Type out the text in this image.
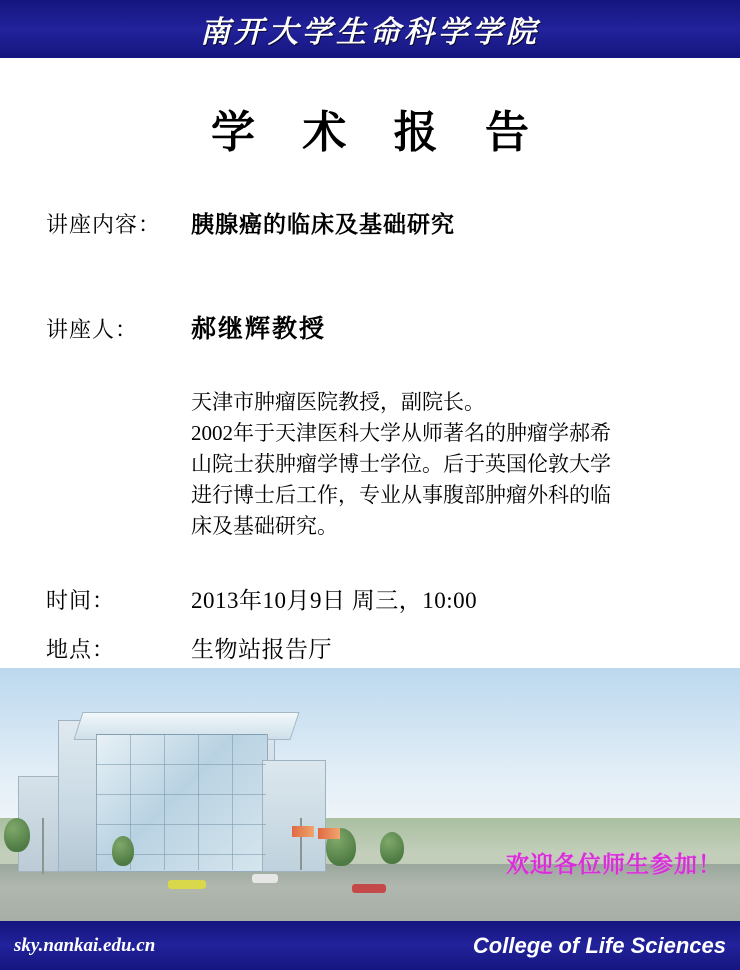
南开大学生命科学学院
学 术 报 告
讲座内容：	胰腺癌的临床及基础研究
讲座人：	郝继辉教授
天津市肿瘤医院教授，副院长。
2002年于天津医科大学从师著名的肿瘤学郝希
山院士获肿瘤学博士学位。后于英国伦敦大学
进行博士后工作，专业从事腹部肿瘤外科的临
床及基础研究。
时间：	2013年10月9日 周三，10:00
地点：	生物站报告厅
欢迎各位师生参加！
sky.nankai.edu.cn	College of Life Sciences
